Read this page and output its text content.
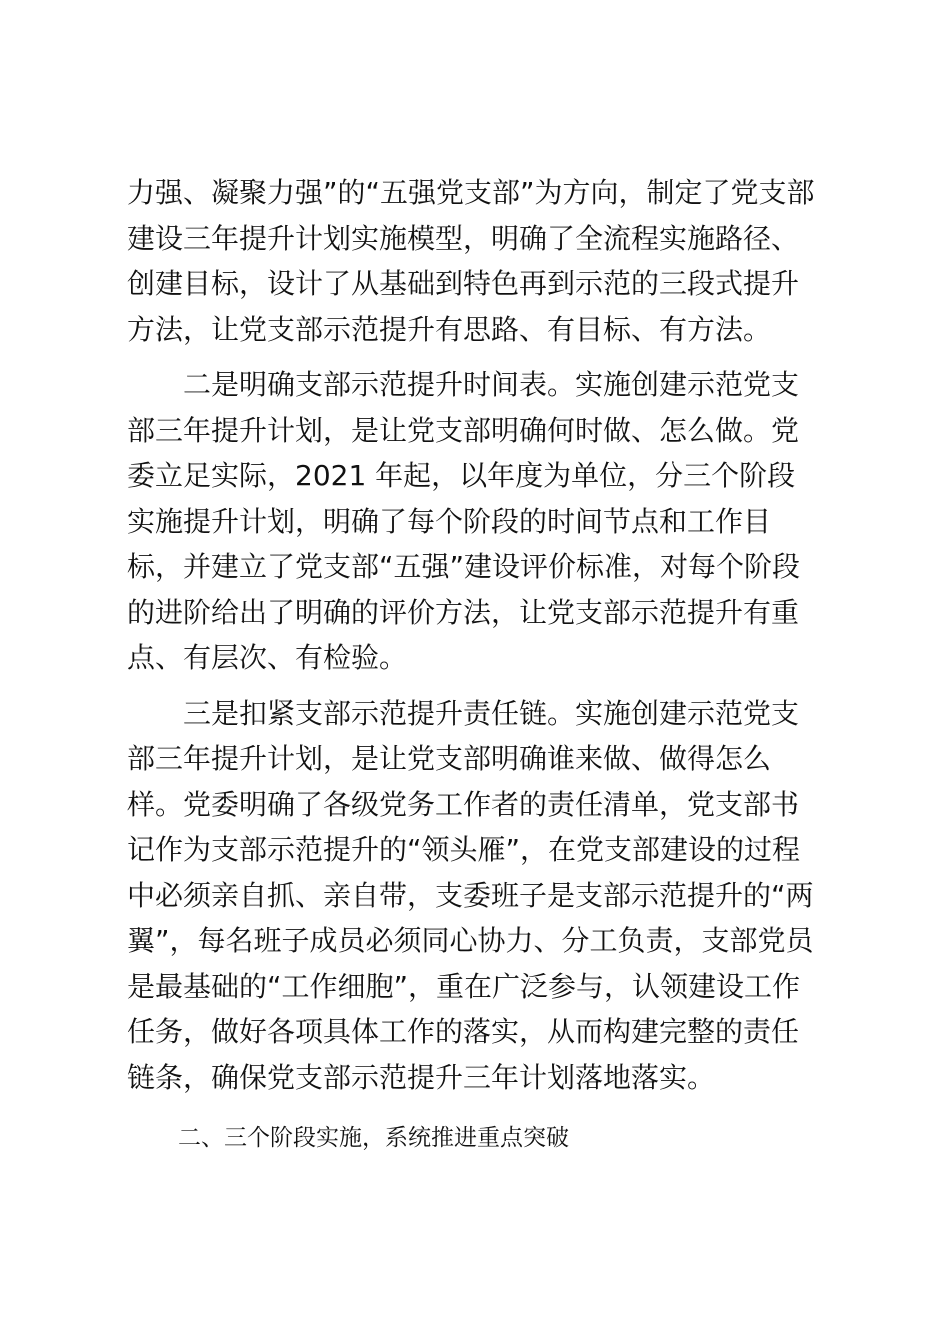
力强、凝聚力强”的“五强党支部”为方向，制定了党支部
建设三年提升计划实施模型，明确了全流程实施路径、
创建目标，设计了从基础到特色再到示范的三段式提升
方法，让党支部示范提升有思路、有目标、有方法。

二是明确支部示范提升时间表。实施创建示范党支
部三年提升计划，是让党支部明确何时做、怎么做。党
委立足实际，2021 年起，以年度为单位，分三个阶段
实施提升计划，明确了每个阶段的时间节点和工作目
标，并建立了党支部“五强”建设评价标准，对每个阶段
的进阶给出了明确的评价方法，让党支部示范提升有重
点、有层次、有检验。

三是扣紧支部示范提升责任链。实施创建示范党支
部三年提升计划，是让党支部明确谁来做、做得怎么
样。党委明确了各级党务工作者的责任清单，党支部书
记作为支部示范提升的“领头雁”，在党支部建设的过程
中必须亲自抓、亲自带，支委班子是支部示范提升的“两
翼”，每名班子成员必须同心协力、分工负责，支部党员
是最基础的“工作细胞”，重在广泛参与，认领建设工作
任务，做好各项具体工作的落实，从而构建完整的责任
链条，确保党支部示范提升三年计划落地落实。

二、三个阶段实施，系统推进重点突破
